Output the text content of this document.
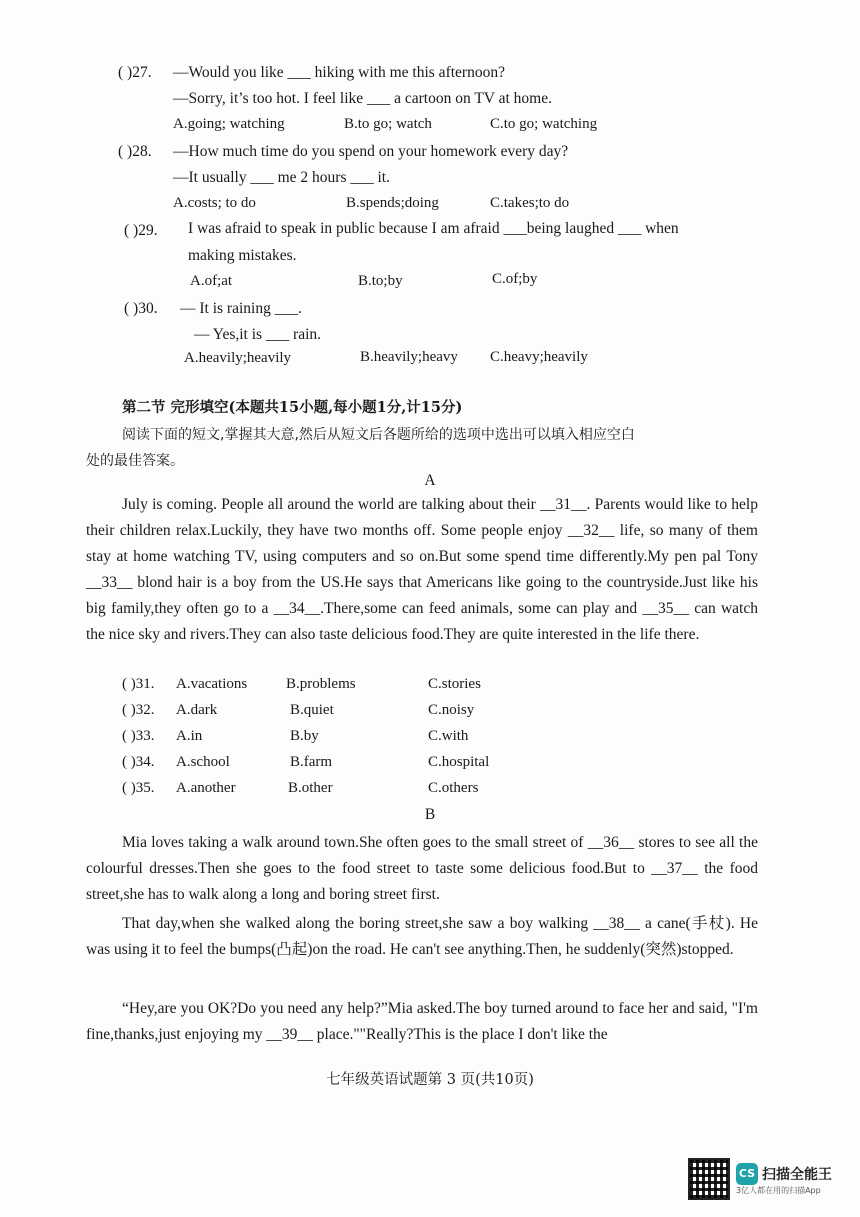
( )27. —Would you like ___ hiking with me this afternoon?
—Sorry, it’s too hot. I feel like ___ a cartoon on TV at home.
A.going; watching	B.to go; watch	C.to go; watching
( )28. —How much time do you spend on your homework every day?
—It usually ___ me 2 hours ___ it.
A.costs; to do	B.spends;doing	C.takes;to do
( )29. I was afraid to speak in public because I am afraid ___being laughed ___ when
making mistakes.
A.of;at	B.to;by	C.of;by
( )30. — It is raining ___.
— Yes,it is ___ rain.
A.heavily;heavily	B.heavily;heavy C.heavy;heavily
第二节 完形填空(本题共15小题,每小题1分,计15分)
阅读下面的短文,掌握其大意,然后从短文后各题所给的选项中选出可以填入相应空白
处的最佳答案。
A
July is coming. People all around the world are talking about their __31__. Parents would like to help their children relax.Luckily, they have two months off. Some people enjoy __32__ life, so many of them stay at home watching TV, using computers and so on.But some spend time differently.My pen pal Tony __33__ blond hair is a boy from the US.He says that Americans like going to the countryside.Just like his big family,they often go to a __34__.There,some can feed animals, some can play and __35__ can watch the nice sky and rivers.They can also taste delicious food.They are quite interested in the life there.
( )31. A.vacations	B.problems	C.stories
( )32. A.dark	B.quiet	C.noisy
( )33. A.in	B.by	C.with
( )34. A.school	B.farm	C.hospital
( )35. A.another	B.other	C.others
B
Mia loves taking a walk around town.She often goes to the small street of __36__ stores to see all the colourful dresses.Then she goes to the food street to taste some delicious food.But to __37__ the food street,she has to walk along a long and boring street first.
That day,when she walked along the boring street,she saw a boy walking __38__ a cane(手杖). He was using it to feel the bumps(凸起)on the road. He can't see anything.Then, he suddenly(突然)stopped.
“Hey,are you OK?Do you need any help?”Mia asked.The boy turned around to face her and said, "I'm fine,thanks,just enjoying my __39__ place.""Really?This is the place I don't like the
七年级英语试题第 3 页(共10页)
CS 扫描全能王
3亿人都在用的扫描App
